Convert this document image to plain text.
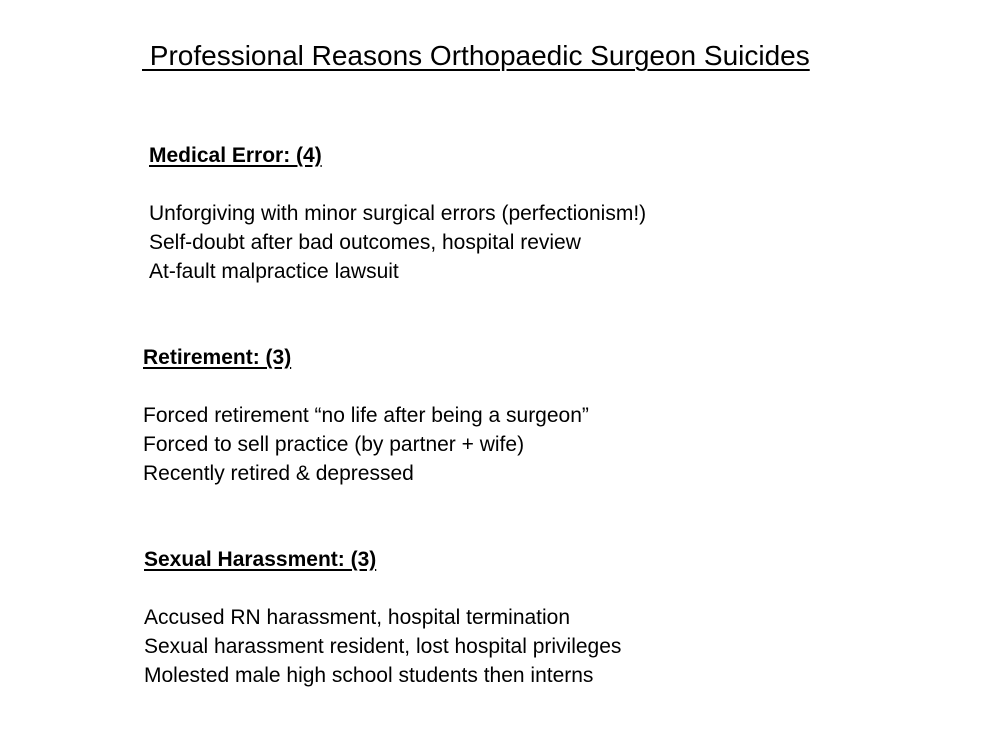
Professional Reasons Orthopaedic Surgeon Suicides
Medical Error: (4)
Unforgiving with minor surgical errors (perfectionism!)
Self-doubt after bad outcomes, hospital review
At-fault malpractice lawsuit
Retirement: (3)
Forced retirement “no life after being a surgeon”
Forced to sell practice (by partner + wife)
Recently retired & depressed
Sexual Harassment: (3)
Accused RN harassment, hospital termination
Sexual harassment resident, lost hospital privileges
Molested male high school students then interns
